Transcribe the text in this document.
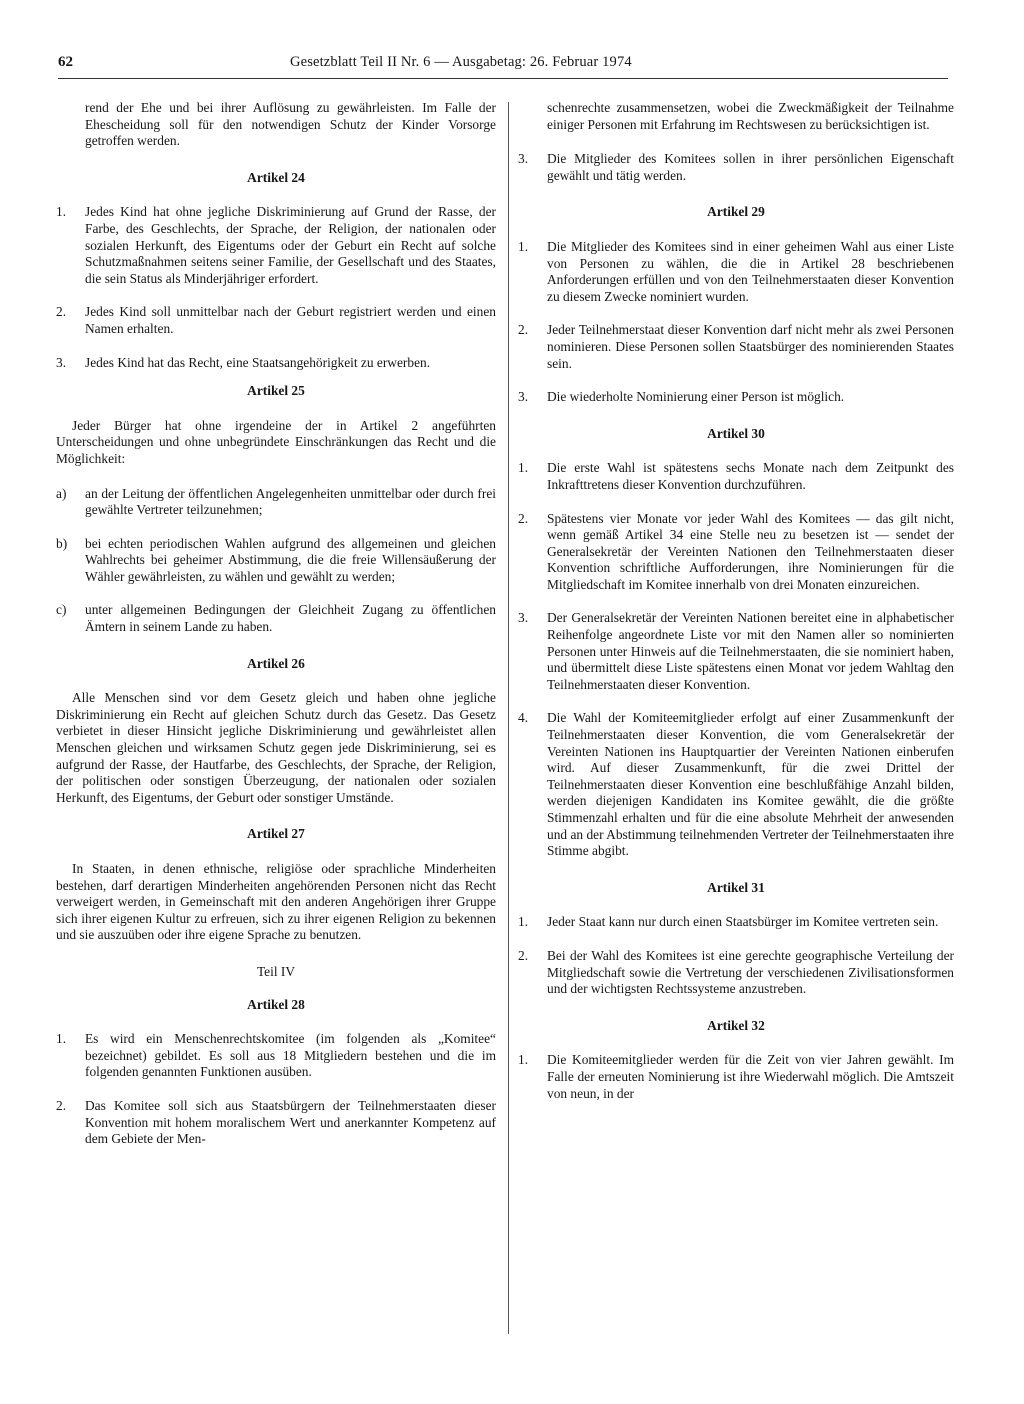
62	Gesetzblatt Teil II Nr. 6 — Ausgabetag: 26. Februar 1974

rend der Ehe und bei ihrer Auflösung zu gewährleisten. Im Falle der Ehescheidung soll für den notwendigen Schutz der Kinder Vorsorge getroffen werden.

Artikel 24
1. Jedes Kind hat ohne jegliche Diskriminierung auf Grund der Rasse, der Farbe, des Geschlechts, der Sprache, der Religion, der nationalen oder sozialen Herkunft, des Eigentums oder der Geburt ein Recht auf solche Schutzmaßnahmen seitens seiner Familie, der Gesellschaft und des Staates, die sein Status als Minderjähriger erfordert.
2. Jedes Kind soll unmittelbar nach der Geburt registriert werden und einen Namen erhalten.
3. Jedes Kind hat das Recht, eine Staatsangehörigkeit zu erwerben.
Artikel 25

Jeder Bürger hat ohne irgendeine der in Artikel 2 angeführten Unterscheidungen und ohne unbegründete Einschränkungen das Recht und die Möglichkeit:

a) an der Leitung der öffentlichen Angelegenheiten unmittelbar oder durch frei gewählte Vertreter teilzunehmen;
b) bei echten periodischen Wahlen aufgrund des allgemeinen und gleichen Wahlrechts bei geheimer Abstimmung, die die freie Willensäußerung der Wähler gewährleisten, zu wählen und gewählt zu werden;
c) unter allgemeinen Bedingungen der Gleichheit Zugang zu öffentlichen Ämtern in seinem Lande zu haben.
Artikel 26

Alle Menschen sind vor dem Gesetz gleich und haben ohne jegliche Diskriminierung ein Recht auf gleichen Schutz durch das Gesetz. Das Gesetz verbietet in dieser Hinsicht jegliche Diskriminierung und gewährleistet allen Menschen gleichen und wirksamen Schutz gegen jede Diskriminierung, sei es aufgrund der Rasse, der Hautfarbe, des Geschlechts, der Sprache, der Religion, der politischen oder sonstigen Überzeugung, der nationalen oder sozialen Herkunft, des Eigentums, der Geburt oder sonstiger Umstände.

Artikel 27

In Staaten, in denen ethnische, religiöse oder sprachliche Minderheiten bestehen, darf derartigen Minderheiten angehörenden Personen nicht das Recht verweigert werden, in Gemeinschaft mit den anderen Angehörigen ihrer Gruppe sich ihrer eigenen Kultur zu erfreuen, sich zu ihrer eigenen Religion zu bekennen und sie auszuüben oder ihre eigene Sprache zu benutzen.

Teil IV
Artikel 28
1. Es wird ein Menschenrechtskomitee (im folgenden als „Komitee“ bezeichnet) gebildet. Es soll aus 18 Mitgliedern bestehen und die im folgenden genannten Funktionen ausüben.
2. Das Komitee soll sich aus Staatsbürgern der Teilnehmerstaaten dieser Konvention mit hohem moralischem Wert und anerkannter Kompetenz auf dem Gebiete der Men-

schenrechte zusammensetzen, wobei die Zweckmäßigkeit der Teilnahme einiger Personen mit Erfahrung im Rechtswesen zu berücksichtigen ist.

3. Die Mitglieder des Komitees sollen in ihrer persönlichen Eigenschaft gewählt und tätig werden.
Artikel 29
1. Die Mitglieder des Komitees sind in einer geheimen Wahl aus einer Liste von Personen zu wählen, die die in Artikel 28 beschriebenen Anforderungen erfüllen und von den Teilnehmerstaaten dieser Konvention zu diesem Zwecke nominiert wurden.
2. Jeder Teilnehmerstaat dieser Konvention darf nicht mehr als zwei Personen nominieren. Diese Personen sollen Staatsbürger des nominierenden Staates sein.
3. Die wiederholte Nominierung einer Person ist möglich.
Artikel 30
1. Die erste Wahl ist spätestens sechs Monate nach dem Zeitpunkt des Inkrafttretens dieser Konvention durchzuführen.
2. Spätestens vier Monate vor jeder Wahl des Komitees — das gilt nicht, wenn gemäß Artikel 34 eine Stelle neu zu besetzen ist — sendet der Generalsekretär der Vereinten Nationen den Teilnehmerstaaten dieser Konvention schriftliche Aufforderungen, ihre Nominierungen für die Mitgliedschaft im Komitee innerhalb von drei Monaten einzureichen.
3. Der Generalsekretär der Vereinten Nationen bereitet eine in alphabetischer Reihenfolge angeordnete Liste vor mit den Namen aller so nominierten Personen unter Hinweis auf die Teilnehmerstaaten, die sie nominiert haben, und übermittelt diese Liste spätestens einen Monat vor jedem Wahltag den Teilnehmerstaaten dieser Konvention.
4. Die Wahl der Komiteemitglieder erfolgt auf einer Zusammenkunft der Teilnehmerstaaten dieser Konvention, die vom Generalsekretär der Vereinten Nationen ins Hauptquartier der Vereinten Nationen einberufen wird. Auf dieser Zusammenkunft, für die zwei Drittel der Teilnehmerstaaten dieser Konvention eine beschlußfähige Anzahl bilden, werden diejenigen Kandidaten ins Komitee gewählt, die die größte Stimmenzahl erhalten und für die eine absolute Mehrheit der anwesenden und an der Abstimmung teilnehmenden Vertreter der Teilnehmerstaaten ihre Stimme abgibt.
Artikel 31
1. Jeder Staat kann nur durch einen Staatsbürger im Komitee vertreten sein.
2. Bei der Wahl des Komitees ist eine gerechte geographische Verteilung der Mitgliedschaft sowie die Vertretung der verschiedenen Zivilisationsformen und der wichtigsten Rechtssysteme anzustreben.
Artikel 32
1. Die Komiteemitglieder werden für die Zeit von vier Jahren gewählt. Im Falle der erneuten Nominierung ist ihre Wiederwahl möglich. Die Amtszeit von neun, in der
